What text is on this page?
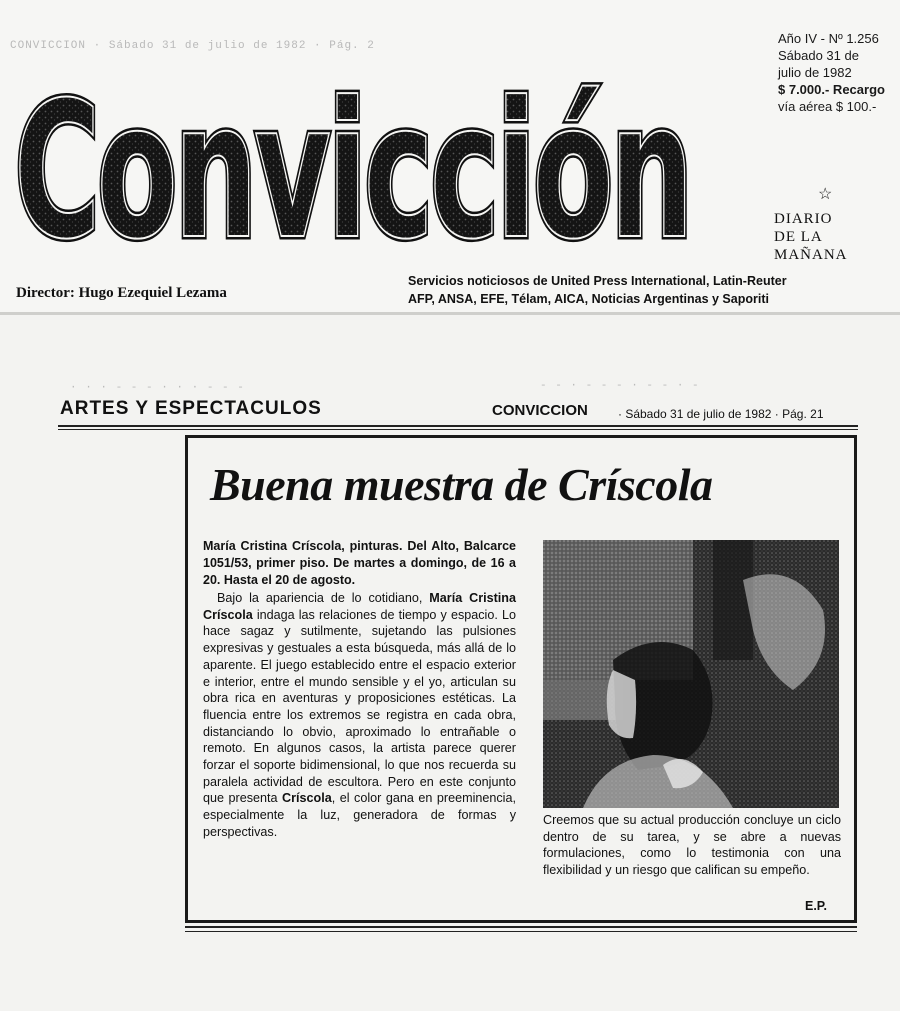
CONVICCION · Sábado 31 de julio de 1982 · Pág. 2
Convicción
Convicción
Año IV - Nº 1.256
Sábado 31 de
julio de 1982
$ 7.000.- Recargo
vía aérea $ 100.-
☆
DIARIO
DE LA
MAÑANA
Servicios noticiosos de United Press International, Latin-Reuter
AFP, ANSA, EFE, Télam, AICA, Noticias Argentinas y Saporiti
Director: Hugo Ezequiel Lezama
· · · - - - · · · - - -	- - · - - - · - - · -
ARTES Y ESPECTACULOS	CONVICCION	· Sábado 31 de julio de 1982 · Pág. 21
Buena muestra de Críscola
María Cristina Críscola, pinturas. Del Alto, Balcarce 1051/53, primer piso. De martes a domingo, de 16 a 20. Hasta el 20 de agosto.
Bajo la apariencia de lo cotidiano, María Cristina Críscola indaga las relaciones de tiempo y espacio. Lo hace sagaz y sutilmente, sujetando las pulsiones expresivas y gestuales a esta búsqueda, más allá de lo aparente. El juego establecido entre el espacio exterior e interior, entre el mundo sensible y el yo, articulan su obra rica en aventuras y proposiciones estéticas. La fluencia entre los extremos se registra en cada obra, distanciando lo obvio, aproximado lo entrañable o remoto. En algunos casos, la artista parece querer forzar el soporte bidimensional, lo que nos recuerda su paralela actividad de escultora. Pero en este conjunto que presenta Críscola, el color gana en preeminencia, especialmente la luz, generadora de formas y perspectivas.
Creemos que su actual producción concluye un ciclo dentro de su tarea, y se abre a nuevas formulaciones, como lo testimonia con una flexibilidad y un riesgo que califican su empeño.
E.P.
